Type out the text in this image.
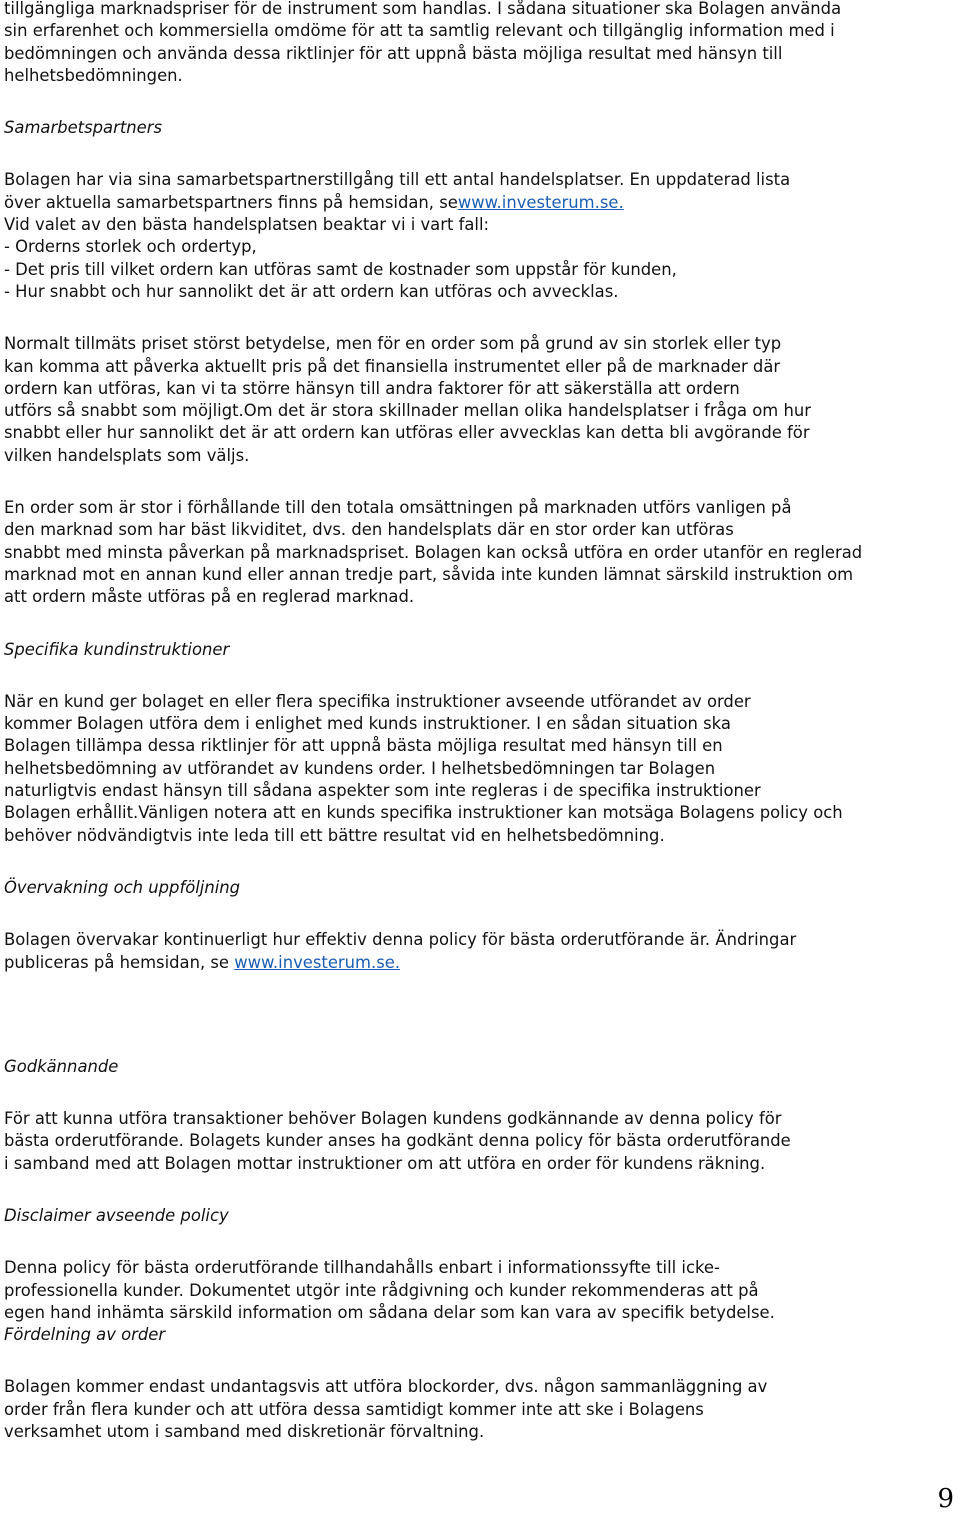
tillgängliga marknadspriser för de instrument som handlas. I sådana situationer ska Bolagen använda
sin erfarenhet och kommersiella omdöme för att ta samtlig relevant och tillgänglig information med i
bedömningen och använda dessa riktlinjer för att uppnå bästa möjliga resultat med hänsyn till
helhetsbedömningen.
Samarbetspartners
Bolagen har via sina samarbetspartnerstillgång till ett antal handelsplatser. En uppdaterad lista
över aktuella samarbetspartners finns på hemsidan, sewww.investerum.se.
Vid valet av den bästa handelsplatsen beaktar vi i vart fall:
- Orderns storlek och ordertyp,
- Det pris till vilket ordern kan utföras samt de kostnader som uppstår för kunden,
- Hur snabbt och hur sannolikt det är att ordern kan utföras och avvecklas.
Normalt tillmäts priset störst betydelse, men för en order som på grund av sin storlek eller typ
kan komma att påverka aktuellt pris på det finansiella instrumentet eller på de marknader där
ordern kan utföras, kan vi ta större hänsyn till andra faktorer för att säkerställa att ordern
utförs så snabbt som möjligt.Om det är stora skillnader mellan olika handelsplatser i fråga om hur
snabbt eller hur sannolikt det är att ordern kan utföras eller avvecklas kan detta bli avgörande för
vilken handelsplats som väljs.
En order som är stor i förhållande till den totala omsättningen på marknaden utförs vanligen på
den marknad som har bäst likviditet, dvs. den handelsplats där en stor order kan utföras
snabbt med minsta påverkan på marknadspriset. Bolagen kan också utföra en order utanför en reglerad
marknad mot en annan kund eller annan tredje part, såvida inte kunden lämnat särskild instruktion om
att ordern måste utföras på en reglerad marknad.
Specifika kundinstruktioner
När en kund ger bolaget en eller flera specifika instruktioner avseende utförandet av order
kommer Bolagen utföra dem i enlighet med kunds instruktioner. I en sådan situation ska
Bolagen tillämpa dessa riktlinjer för att uppnå bästa möjliga resultat med hänsyn till en
helhetsbedömning av utförandet av kundens order. I helhetsbedömningen tar Bolagen
naturligtvis endast hänsyn till sådana aspekter som inte regleras i de specifika instruktioner
Bolagen erhållit.Vänligen notera att en kunds specifika instruktioner kan motsäga Bolagens policy och
behöver nödvändigtvis inte leda till ett bättre resultat vid en helhetsbedömning.
Övervakning och uppföljning
Bolagen övervakar kontinuerligt hur effektiv denna policy för bästa orderutförande är. Ändringar
publiceras på hemsidan, se www.investerum.se.
Godkännande
För att kunna utföra transaktioner behöver Bolagen kundens godkännande av denna policy för
bästa orderutförande. Bolagets kunder anses ha godkänt denna policy för bästa orderutförande
i samband med att Bolagen mottar instruktioner om att utföra en order för kundens räkning.
Disclaimer avseende policy
Denna policy för bästa orderutförande tillhandahålls enbart i informationssyfte till icke-
professionella kunder. Dokumentet utgör inte rådgivning och kunder rekommenderas att på
egen hand inhämta särskild information om sådana delar som kan vara av specifik betydelse.
Fördelning av order
Bolagen kommer endast undantagsvis att utföra blockorder, dvs. någon sammanläggning av
order från flera kunder och att utföra dessa samtidigt kommer inte att ske i Bolagens
verksamhet utom i samband med diskretionär förvaltning.
9
